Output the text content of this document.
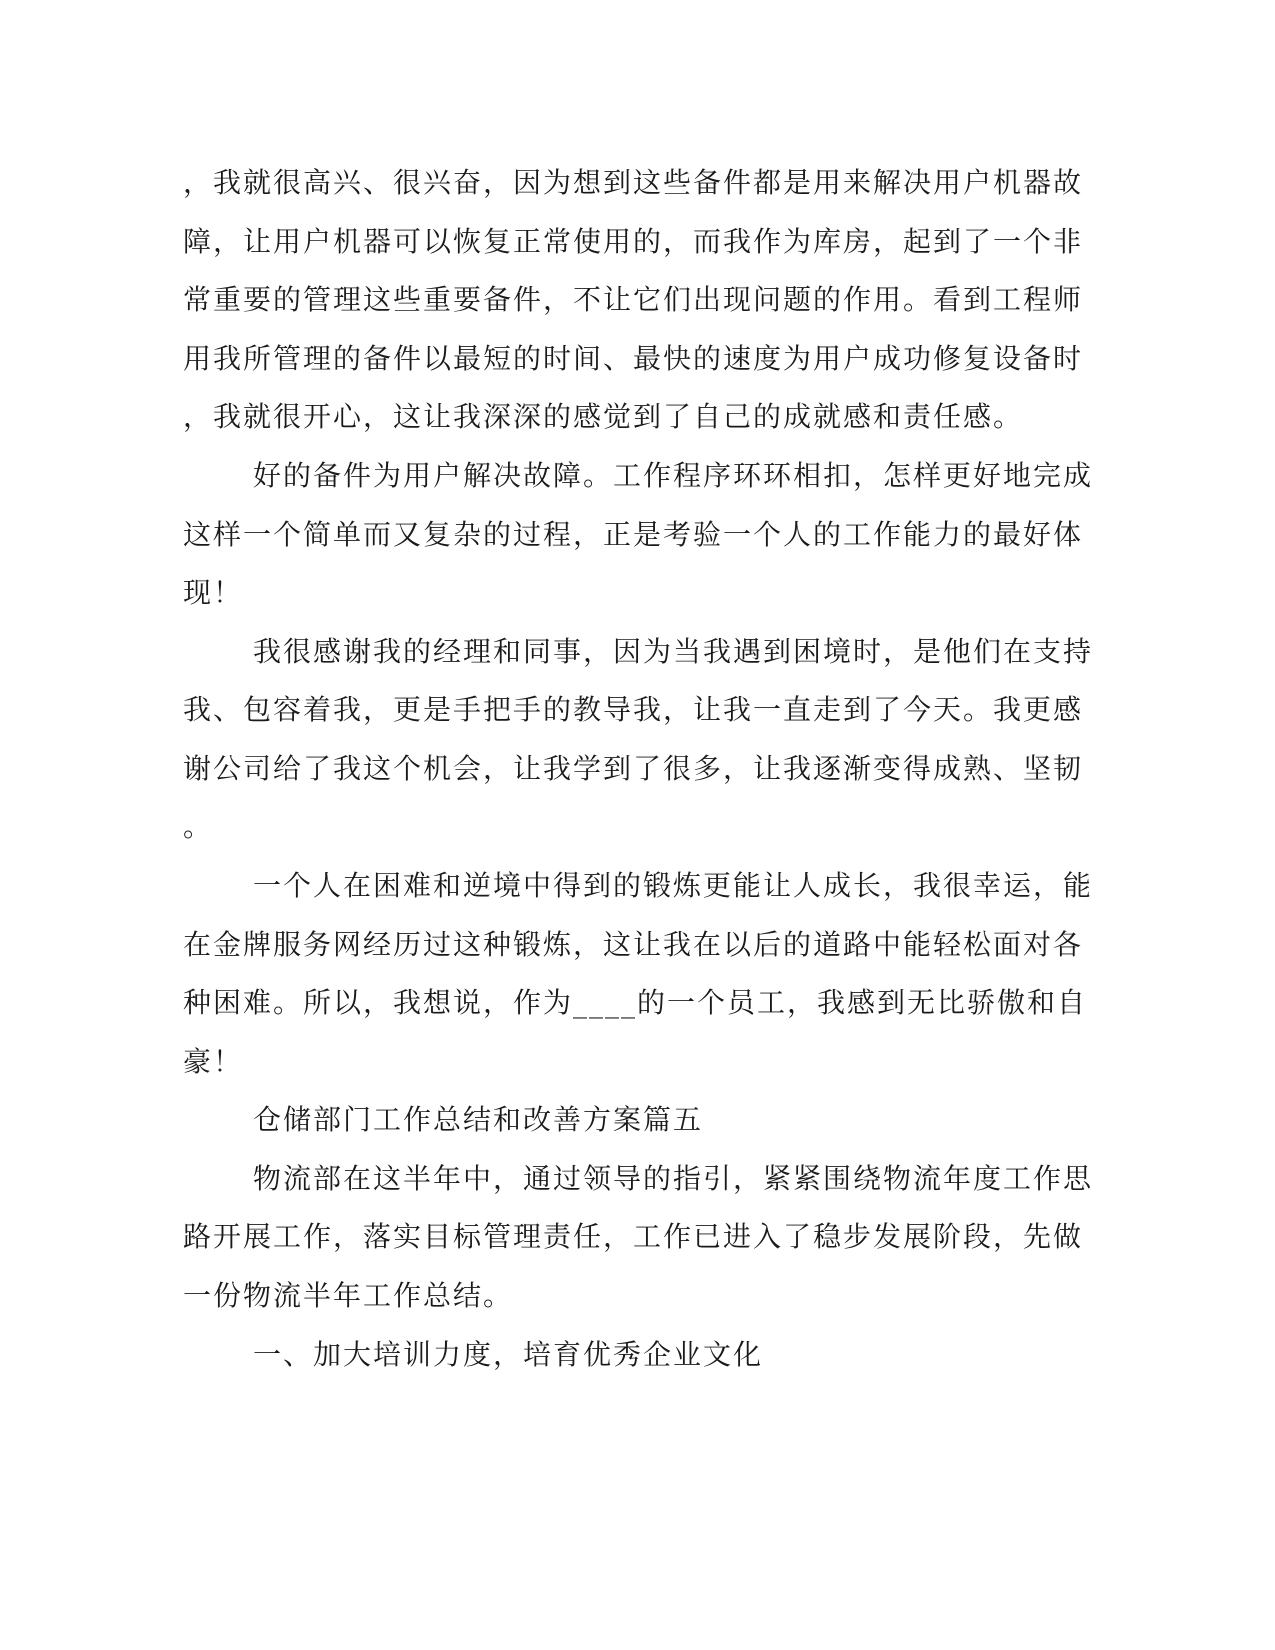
，我就很高兴、很兴奋，因为想到这些备件都是用来解决用户机器故

障，让用户机器可以恢复正常使用的，而我作为库房，起到了一个非

常重要的管理这些重要备件，不让它们出现问题的作用。看到工程师

用我所管理的备件以最短的时间、最快的速度为用户成功修复设备时

，我就很开心，这让我深深的感觉到了自己的成就感和责任感。

好的备件为用户解决故障。工作程序环环相扣，怎样更好地完成

这样一个简单而又复杂的过程，正是考验一个人的工作能力的最好体

现！

我很感谢我的经理和同事，因为当我遇到困境时，是他们在支持

我、包容着我，更是手把手的教导我，让我一直走到了今天。我更感

谢公司给了我这个机会，让我学到了很多，让我逐渐变得成熟、坚韧

。

一个人在困难和逆境中得到的锻炼更能让人成长，我很幸运，能

在金牌服务网经历过这种锻炼，这让我在以后的道路中能轻松面对各

种困难。所以，我想说，作为____的一个员工，我感到无比骄傲和自

豪！

仓储部门工作总结和改善方案篇五

物流部在这半年中，通过领导的指引，紧紧围绕物流年度工作思

路开展工作，落实目标管理责任，工作已进入了稳步发展阶段，先做

一份物流半年工作总结。

一、加大培训力度，培育优秀企业文化
